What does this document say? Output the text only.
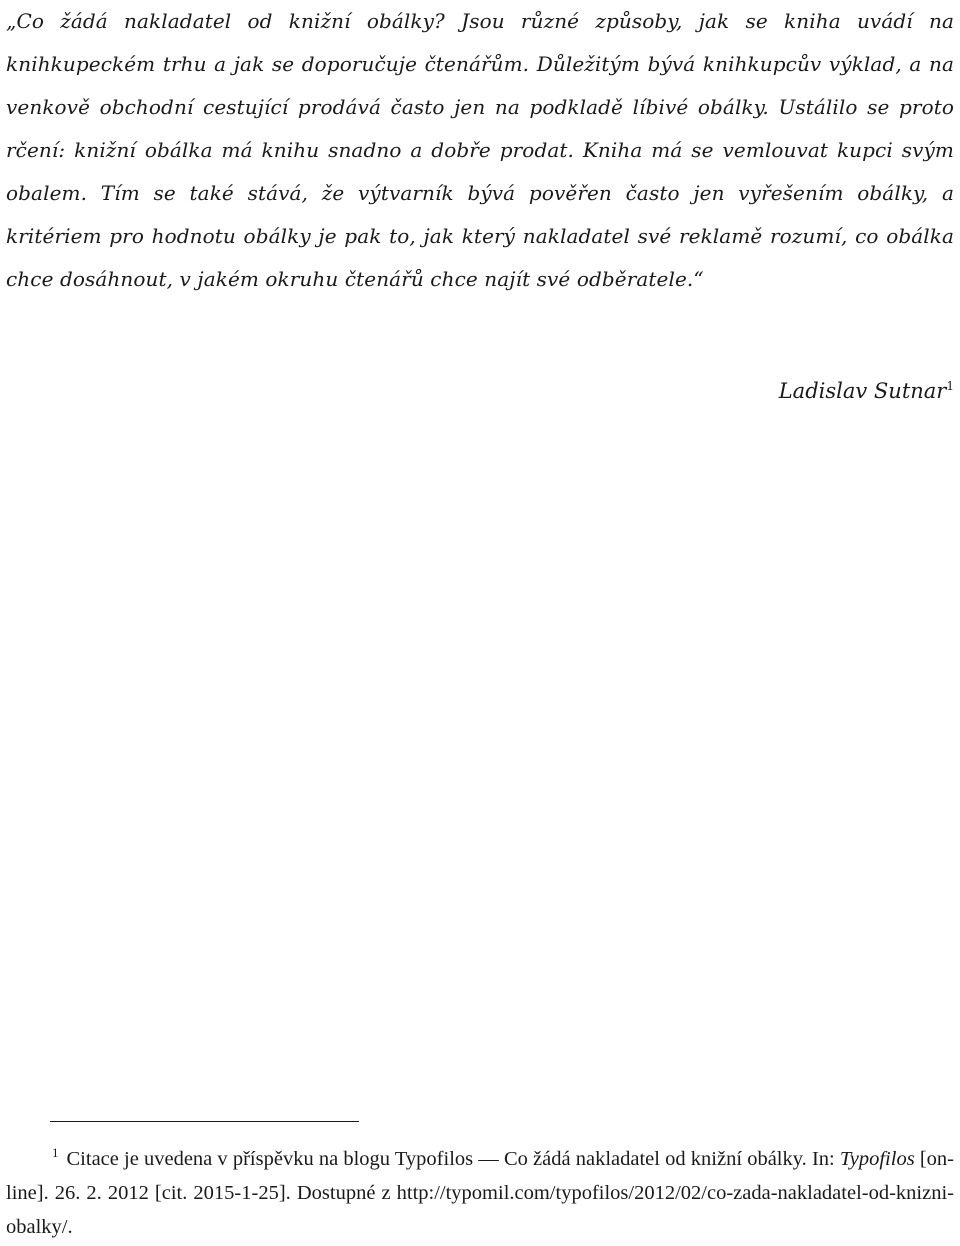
„Co žádá nakladatel od knižní obálky? Jsou různé způsoby, jak se kniha uvádí na knihkupeckém trhu a jak se doporučuje čtenářům. Důležitým bývá knihkupcův výklad, a na venkově obchodní cestující prodává často jen na podkladě líbivé obálky. Ustálilo se proto rčení: knižní obálka má knihu snadno a dobře prodat. Kniha má se vemlouvat kupci svým obalem. Tím se také stává, že výtvarník bývá pověřen často jen vyřešením obálky, a kritériem pro hodnotu obálky je pak to, jak který nakladatel své reklamě rozumí, co obálka chce dosáhnout, v jakém okruhu čtenářů chce najít své odběratele.“

Ladislav Sutnar$^1$

$^1$ Citace je uvedena v příspěvku na blogu Typofilos — Co žádá nakladatel od knižní obálky. In: Typofilos [on-line]. 26. 2. 2012 [cit. 2015-1-25]. Dostupné z http://typomil.com/typofilos/2012/02/co-zada-nakladatel-od-knizni-obalky/.
